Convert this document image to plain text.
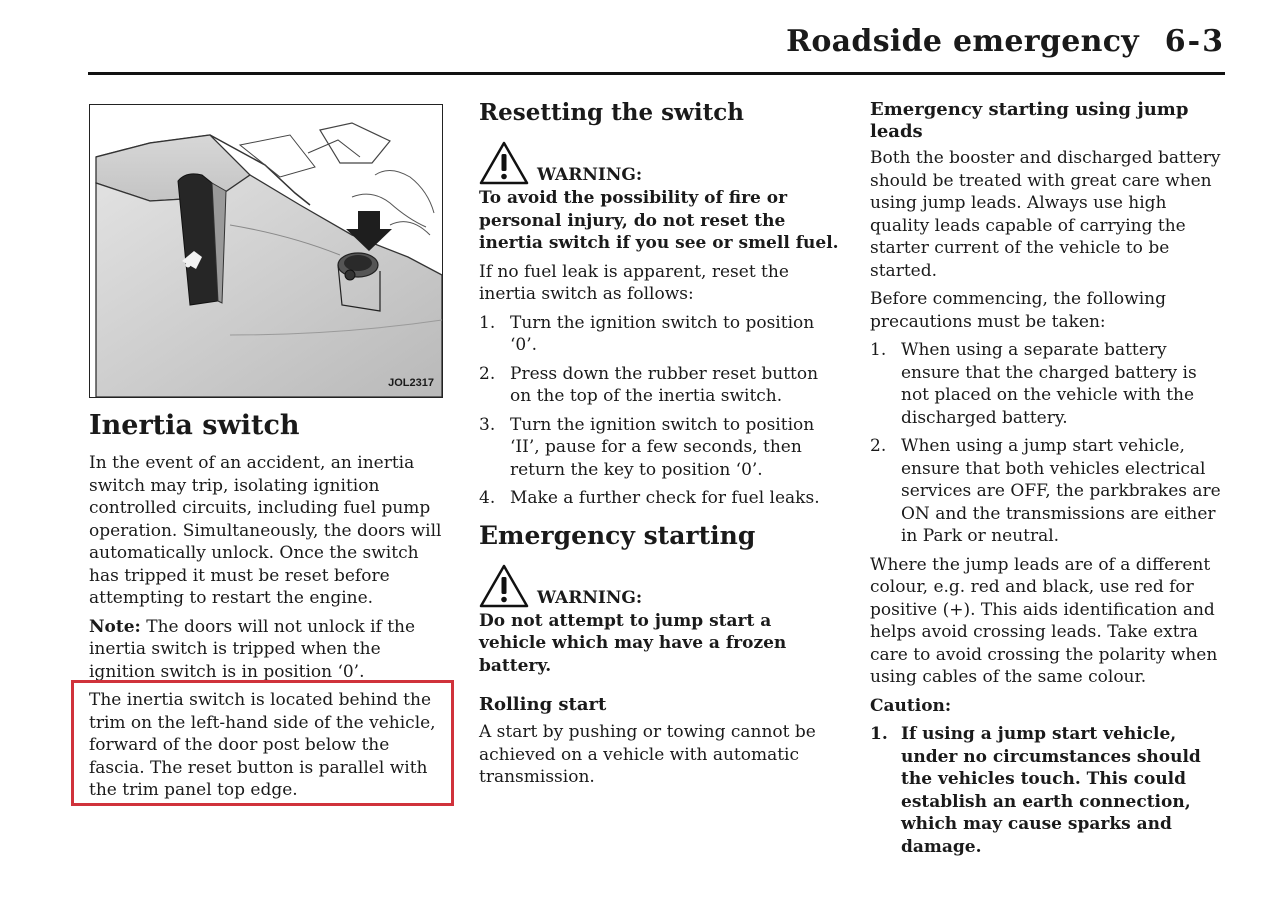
Roadside emergency 6-3
JOL2317
Inertia switch

In the event of an accident, an inertia switch may trip, isolating ignition controlled circuits, including fuel pump operation. Simultaneously, the doors will automatically unlock. Once the switch has tripped it must be reset before attempting to restart the engine.

Note: The doors will not unlock if the inertia switch is tripped when the ignition switch is in position ‘0’.

The inertia switch is located behind the trim on the left-hand side of the vehicle, forward of the door post below the fascia. The reset button is parallel with the trim panel top edge.

Resetting the switch
WARNING:

To avoid the possibility of fire or personal injury, do not reset the inertia switch if you see or smell fuel.

If no fuel leak is apparent, reset the inertia switch as follows:

1. Turn the ignition switch to position ‘0’.
2. Press down the rubber reset button on the top of the inertia switch.
3. Turn the ignition switch to position ‘II’, pause for a few seconds, then return the key to position ‘0’.
4. Make a further check for fuel leaks.
Emergency starting
WARNING:

Do not attempt to jump start a vehicle which may have a frozen battery.

Rolling start

A start by pushing or towing cannot be achieved on a vehicle with automatic transmission.

Emergency starting using jump leads

Both the booster and discharged battery should be treated with great care when using jump leads. Always use high quality leads capable of carrying the starter current of the vehicle to be started.

Before commencing, the following precautions must be taken:

1. When using a separate battery ensure that the charged battery is not placed on the vehicle with the discharged battery.
2. When using a jump start vehicle, ensure that both vehicles electrical services are OFF, the parkbrakes are ON and the transmissions are either in Park or neutral.

Where the jump leads are of a different colour, e.g. red and black, use red for positive (+). This aids identification and helps avoid crossing leads. Take extra care to avoid crossing the polarity when using cables of the same colour.

Caution:

1. If using a jump start vehicle, under no circumstances should the vehicles touch. This could establish an earth connection, which may cause sparks and damage.
